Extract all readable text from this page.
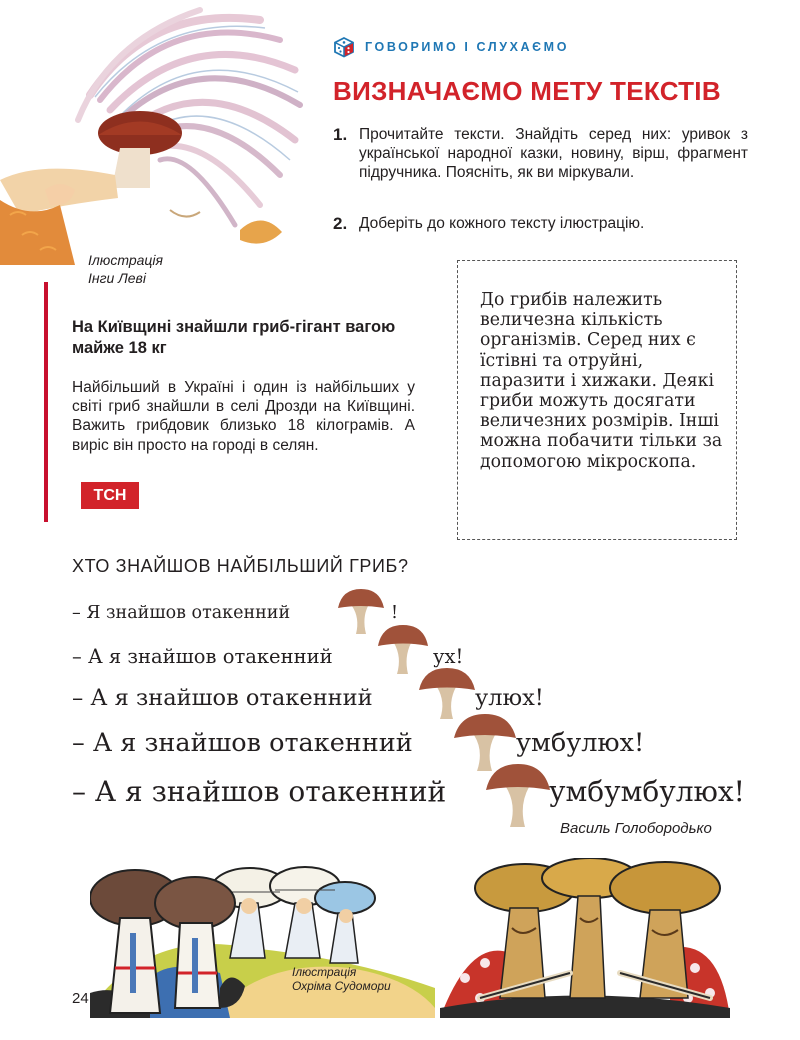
ГОВОРИМО І СЛУХАЄМО
ВИЗНАЧАЄМО МЕТУ ТЕКСТІВ
1. Прочитайте тексти. Знайдіть серед них: уривок з української народної казки, новину, вірш, фрагмент підручника. Поясніть, як ви міркували.
2. Доберіть до кожного тексту ілюстрацію.
Ілюстрація
Інги Леві
На Київщині знайшли гриб-гігант вагою майже 18 кг
Найбільший в Україні і один із найбільших у світі гриб знайшли в селі Дрозди на Київщині. Важить грибдовик близько 18 кілограмів. А виріс він просто на городі в селян.
ТСН
До грибів належить величезна кількість організмів. Серед них є їстівні та отруйні, паразити і хижаки. Деякі гриби можуть досягати величезних розмірів. Інші можна побачити тільки за допомогою мікроскопа.
ХТО ЗНАЙШОВ НАЙБІЛЬШИЙ ГРИБ?
– Я знайшов отакенний	!
– А я знайшов отакенний	ух!
– А я знайшов отакенний	улюх!
– А я знайшов отакенний	умбулюх!
– А я знайшов отакенний	умбумбулюх!
Василь Голобородько
Ілюстрація
Охріма Судомори
24
